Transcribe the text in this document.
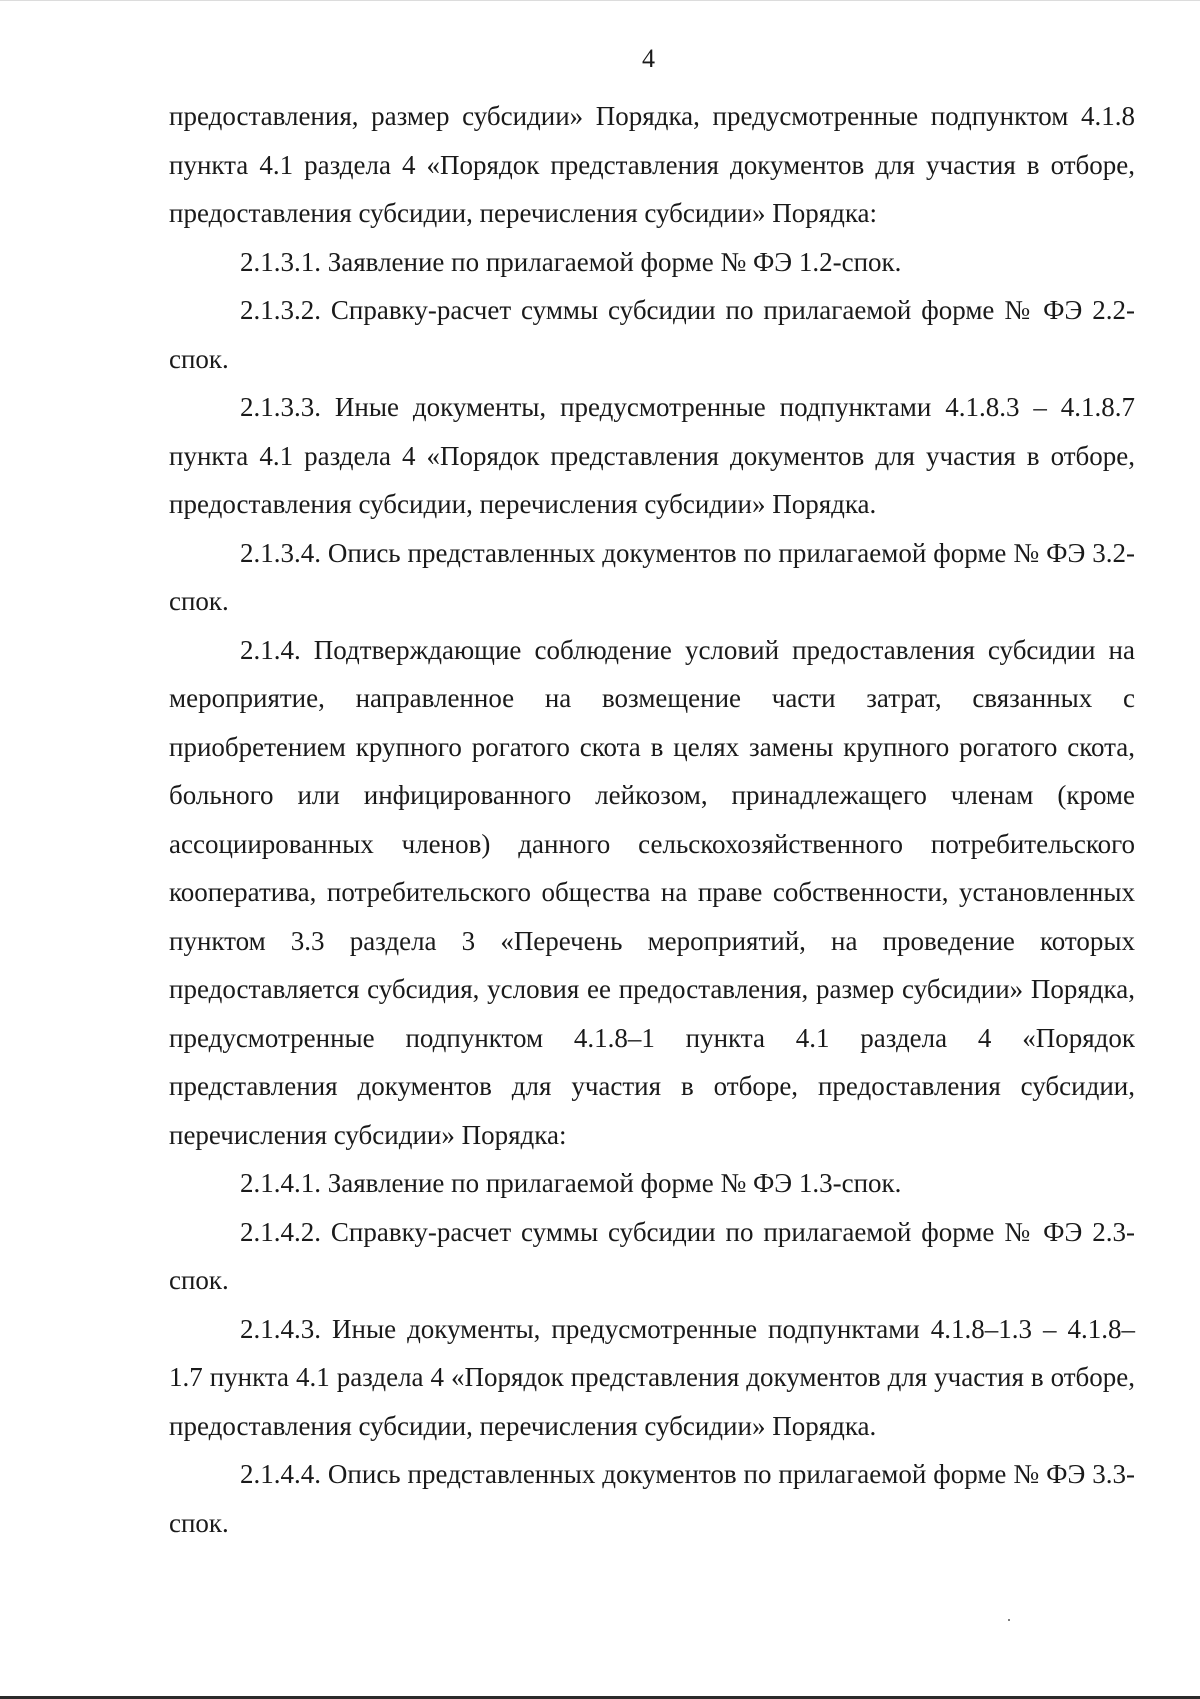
4

предоставления, размер субсидии» Порядка, предусмотренные подпунктом 4.1.8 пункта 4.1 раздела 4 «Порядок представления документов для участия в отборе, предоставления субсидии, перечисления субсидии» Порядка:

2.1.3.1. Заявление по прилагаемой форме № ФЭ 1.2-спок.

2.1.3.2. Справку-расчет суммы субсидии по прилагаемой форме № ФЭ 2.2-спок.

2.1.3.3. Иные документы, предусмотренные подпунктами 4.1.8.3 – 4.1.8.7 пункта 4.1 раздела 4 «Порядок представления документов для участия в отборе, предоставления субсидии, перечисления субсидии» Порядка.

2.1.3.4. Опись представленных документов по прилагаемой форме № ФЭ 3.2-спок.

2.1.4. Подтверждающие соблюдение условий предоставления субсидии на мероприятие, направленное на возмещение части затрат, связанных с приобретением крупного рогатого скота в целях замены крупного рогатого скота, больного или инфицированного лейкозом, принадлежащего членам (кроме ассоциированных членов) данного сельскохозяйственного потребительского кооператива, потребительского общества на праве собственности, установленных пунктом 3.3 раздела 3 «Перечень мероприятий, на проведение которых предоставляется субсидия, условия ее предоставления, размер субсидии» Порядка, предусмотренные подпунктом 4.1.8–1 пункта 4.1 раздела 4 «Порядок представления документов для участия в отборе, предоставления субсидии, перечисления субсидии» Порядка:

2.1.4.1. Заявление по прилагаемой форме № ФЭ 1.3-спок.

2.1.4.2. Справку-расчет суммы субсидии по прилагаемой форме № ФЭ 2.3-спок.

2.1.4.3. Иные документы, предусмотренные подпунктами 4.1.8–1.3 – 4.1.8–1.7 пункта 4.1 раздела 4 «Порядок представления документов для участия в отборе, предоставления субсидии, перечисления субсидии» Порядка.

2.1.4.4. Опись представленных документов по прилагаемой форме № ФЭ 3.3-спок.
